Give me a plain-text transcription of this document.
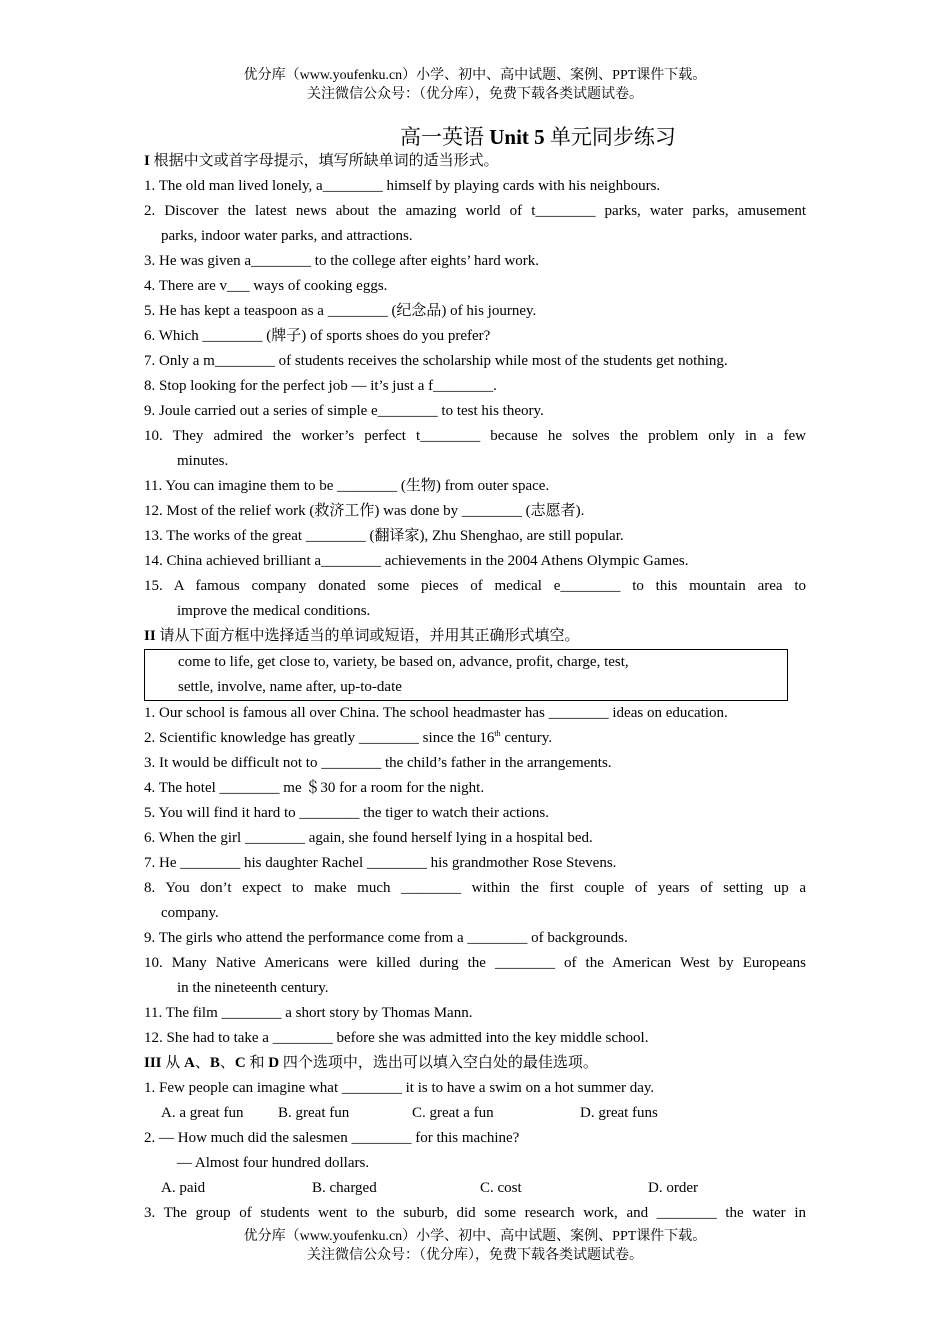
优分库（www.youfenku.cn）小学、初中、高中试题、案例、PPT课件下载。
关注微信公众号：（优分库），免费下载各类试题试卷。
高一英语 Unit 5 单元同步练习
I 根据中文或首字母提示，填写所缺单词的适当形式。
1. The old man lived lonely, a________ himself by playing cards with his neighbours.
2. Discover the latest news about the amazing world of t________ parks, water parks, amusement
parks, indoor water parks, and attractions.
3. He was given a________ to the college after eights’ hard work.
4. There are v___ ways of cooking eggs.
5. He has kept a teaspoon as a ________ (纪念品) of his journey.
6. Which ________ (牌子) of sports shoes do you prefer?
7. Only a m________ of students receives the scholarship while most of the students get nothing.
8. Stop looking for the perfect job — it’s just a f________.
9. Joule carried out a series of simple e________ to test his theory.
10. They admired the worker’s perfect t________ because he solves the problem only in a few
minutes.
11. You can imagine them to be ________ (生物) from outer space.
12. Most of the relief work (救济工作) was done by ________ (志愿者).
13. The works of the great ________ (翻译家), Zhu Shenghao, are still popular.
14. China achieved brilliant a________ achievements in the 2004 Athens Olympic Games.
15. A famous company donated some pieces of medical e________ to this mountain area to
improve the medical conditions.
II 请从下面方框中选择适当的单词或短语，并用其正确形式填空。
come to life, get close to, variety, be based on, advance, profit, charge, test,
settle, involve, name after, up-to-date
1. Our school is famous all over China. The school headmaster has ________ ideas on education.
2. Scientific knowledge has greatly ________ since the 16th century.
3. It would be difficult not to ________ the child’s father in the arrangements.
4. The hotel ________ me ＄30 for a room for the night.
5. You will find it hard to ________ the tiger to watch their actions.
6. When the girl ________ again, she found herself lying in a hospital bed.
7. He ________ his daughter Rachel ________ his grandmother Rose Stevens.
8. You don’t expect to make much ________ within the first couple of years of setting up a
company.
9. The girls who attend the performance come from a ________ of backgrounds.
10. Many Native Americans were killed during the ________ of the American West by Europeans
in the nineteenth century.
11. The film ________ a short story by Thomas Mann.
12. She had to take a ________ before she was admitted into the key middle school.
III 从 A、B、C 和 D 四个选项中，选出可以填入空白处的最佳选项。
1. Few people can imagine what ________ it is to have a swim on a hot summer day.
A. a great fun	B. great fun	C. great a fun	D. great funs
2. — How much did the salesmen ________ for this machine?
— Almost four hundred dollars.
A. paid	B. charged	C. cost	D. order
3. The group of students went to the suburb, did some research work, and ________ the water in
优分库（www.youfenku.cn）小学、初中、高中试题、案例、PPT课件下载。
关注微信公众号：（优分库），免费下载各类试题试卷。
